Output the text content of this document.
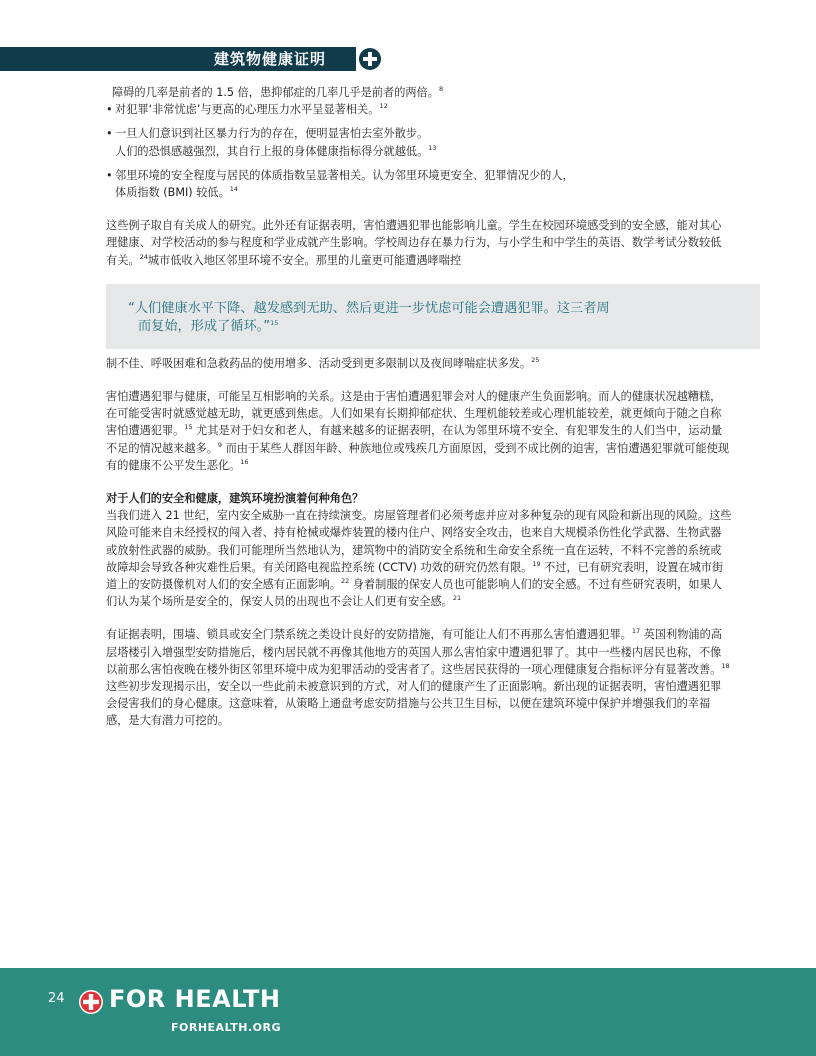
建筑物健康证明

障碍的几率是前者的 1.5 倍，患抑郁症的几率几乎是前者的两倍。$^8$

• 对犯罪‘非常忧虑’与更高的心理压力水平呈显著相关。$^{12}$
• 一旦人们意识到社区暴力行为的存在，便明显害怕去室外散步。
人们的恐惧感越强烈，其自行上报的身体健康指标得分就越低。$^{13}$
• 邻里环境的安全程度与居民的体质指数呈显著相关。认为邻里环境更安全、犯罪情况少的人，
体质指数 (BMI) 较低。$^{14}$

这些例子取自有关成人的研究。此外还有证据表明，害怕遭遇犯罪也能影响儿童。学生在校园环境感受到的安全感，能对其心理健康、对学校活动的参与程度和学业成就产生影响。学校周边存在暴力行为，与小学生和中学生的英语、数学考试分数较低有关。$^{24}$城市低收入地区邻里环境不安全。那里的儿童更可能遭遇哮喘控

“人们健康水平下降、越发感到无助、然后更进一步忧虑可能会遭遇犯罪。这三者周
而复始，形成了循环。”$^{15}$

制不佳、呼吸困难和急救药品的使用增多、活动受到更多限制以及夜间哮喘症状多发。$^{25}$

害怕遭遇犯罪与健康，可能呈互相影响的关系。这是由于害怕遭遇犯罪会对人的健康产生负面影响。而人的健康状况越糟糕，在可能受害时就感觉越无助，就更感到焦虑。人们如果有长期抑郁症状、生理机能较差或心理机能较差，就更倾向于随之自称害怕遭遇犯罪。$^{15}$ 尤其是对于妇女和老人，有越来越多的证据表明，在认为邻里环境不安全、有犯罪发生的人们当中，运动量不足的情况越来越多。$^9$ 而由于某些人群因年龄、种族地位或残疾几方面原因，受到不成比例的迫害，害怕遭遇犯罪就可能使现有的健康不公平发生恶化。$^{16}$

对于人们的安全和健康，建筑环境扮演着何种角色？

当我们进入 21 世纪，室内安全威胁一直在持续演变。房屋管理者们必须考虑并应对多种复杂的现有风险和新出现的风险。这些风险可能来自未经授权的闯入者、持有枪械或爆炸装置的楼内住户、网络安全攻击，也来自大规模杀伤性化学武器、生物武器或放射性武器的威胁。我们可能理所当然地认为，建筑物中的消防安全系统和生命安全系统一直在运转，不料不完善的系统或故障却会导致各种灾难性后果。有关闭路电视监控系统 (CCTV) 功效的研究仍然有限。$^{19}$ 不过，已有研究表明，设置在城市街道上的安防摄像机对人们的安全感有正面影响。$^{22}$ 身着制服的保安人员也可能影响人们的安全感。不过有些研究表明，如果人们认为某个场所是安全的，保安人员的出现也不会让人们更有安全感。$^{21}$

有证据表明，围墙、锁具或安全门禁系统之类设计良好的安防措施，有可能让人们不再那么害怕遭遇犯罪。$^{17}$ 英国利物浦的高层塔楼引入增强型安防措施后，楼内居民就不再像其他地方的英国人那么害怕家中遭遇犯罪了。其中一些楼内居民也称，不像以前那么害怕夜晚在楼外街区邻里环境中成为犯罪活动的受害者了。这些居民获得的一项心理健康复合指标评分有显著改善。$^{18}$ 这些初步发现揭示出，安全以一些此前未被意识到的方式，对人们的健康产生了正面影响。新出现的证据表明，害怕遭遇犯罪会侵害我们的身心健康。这意味着，从策略上通盘考虑安防措施与公共卫生目标，以便在建筑环境中保护并增强我们的幸福感，是大有潜力可挖的。

24 FOR HEALTH
FORHEALTH.ORG
